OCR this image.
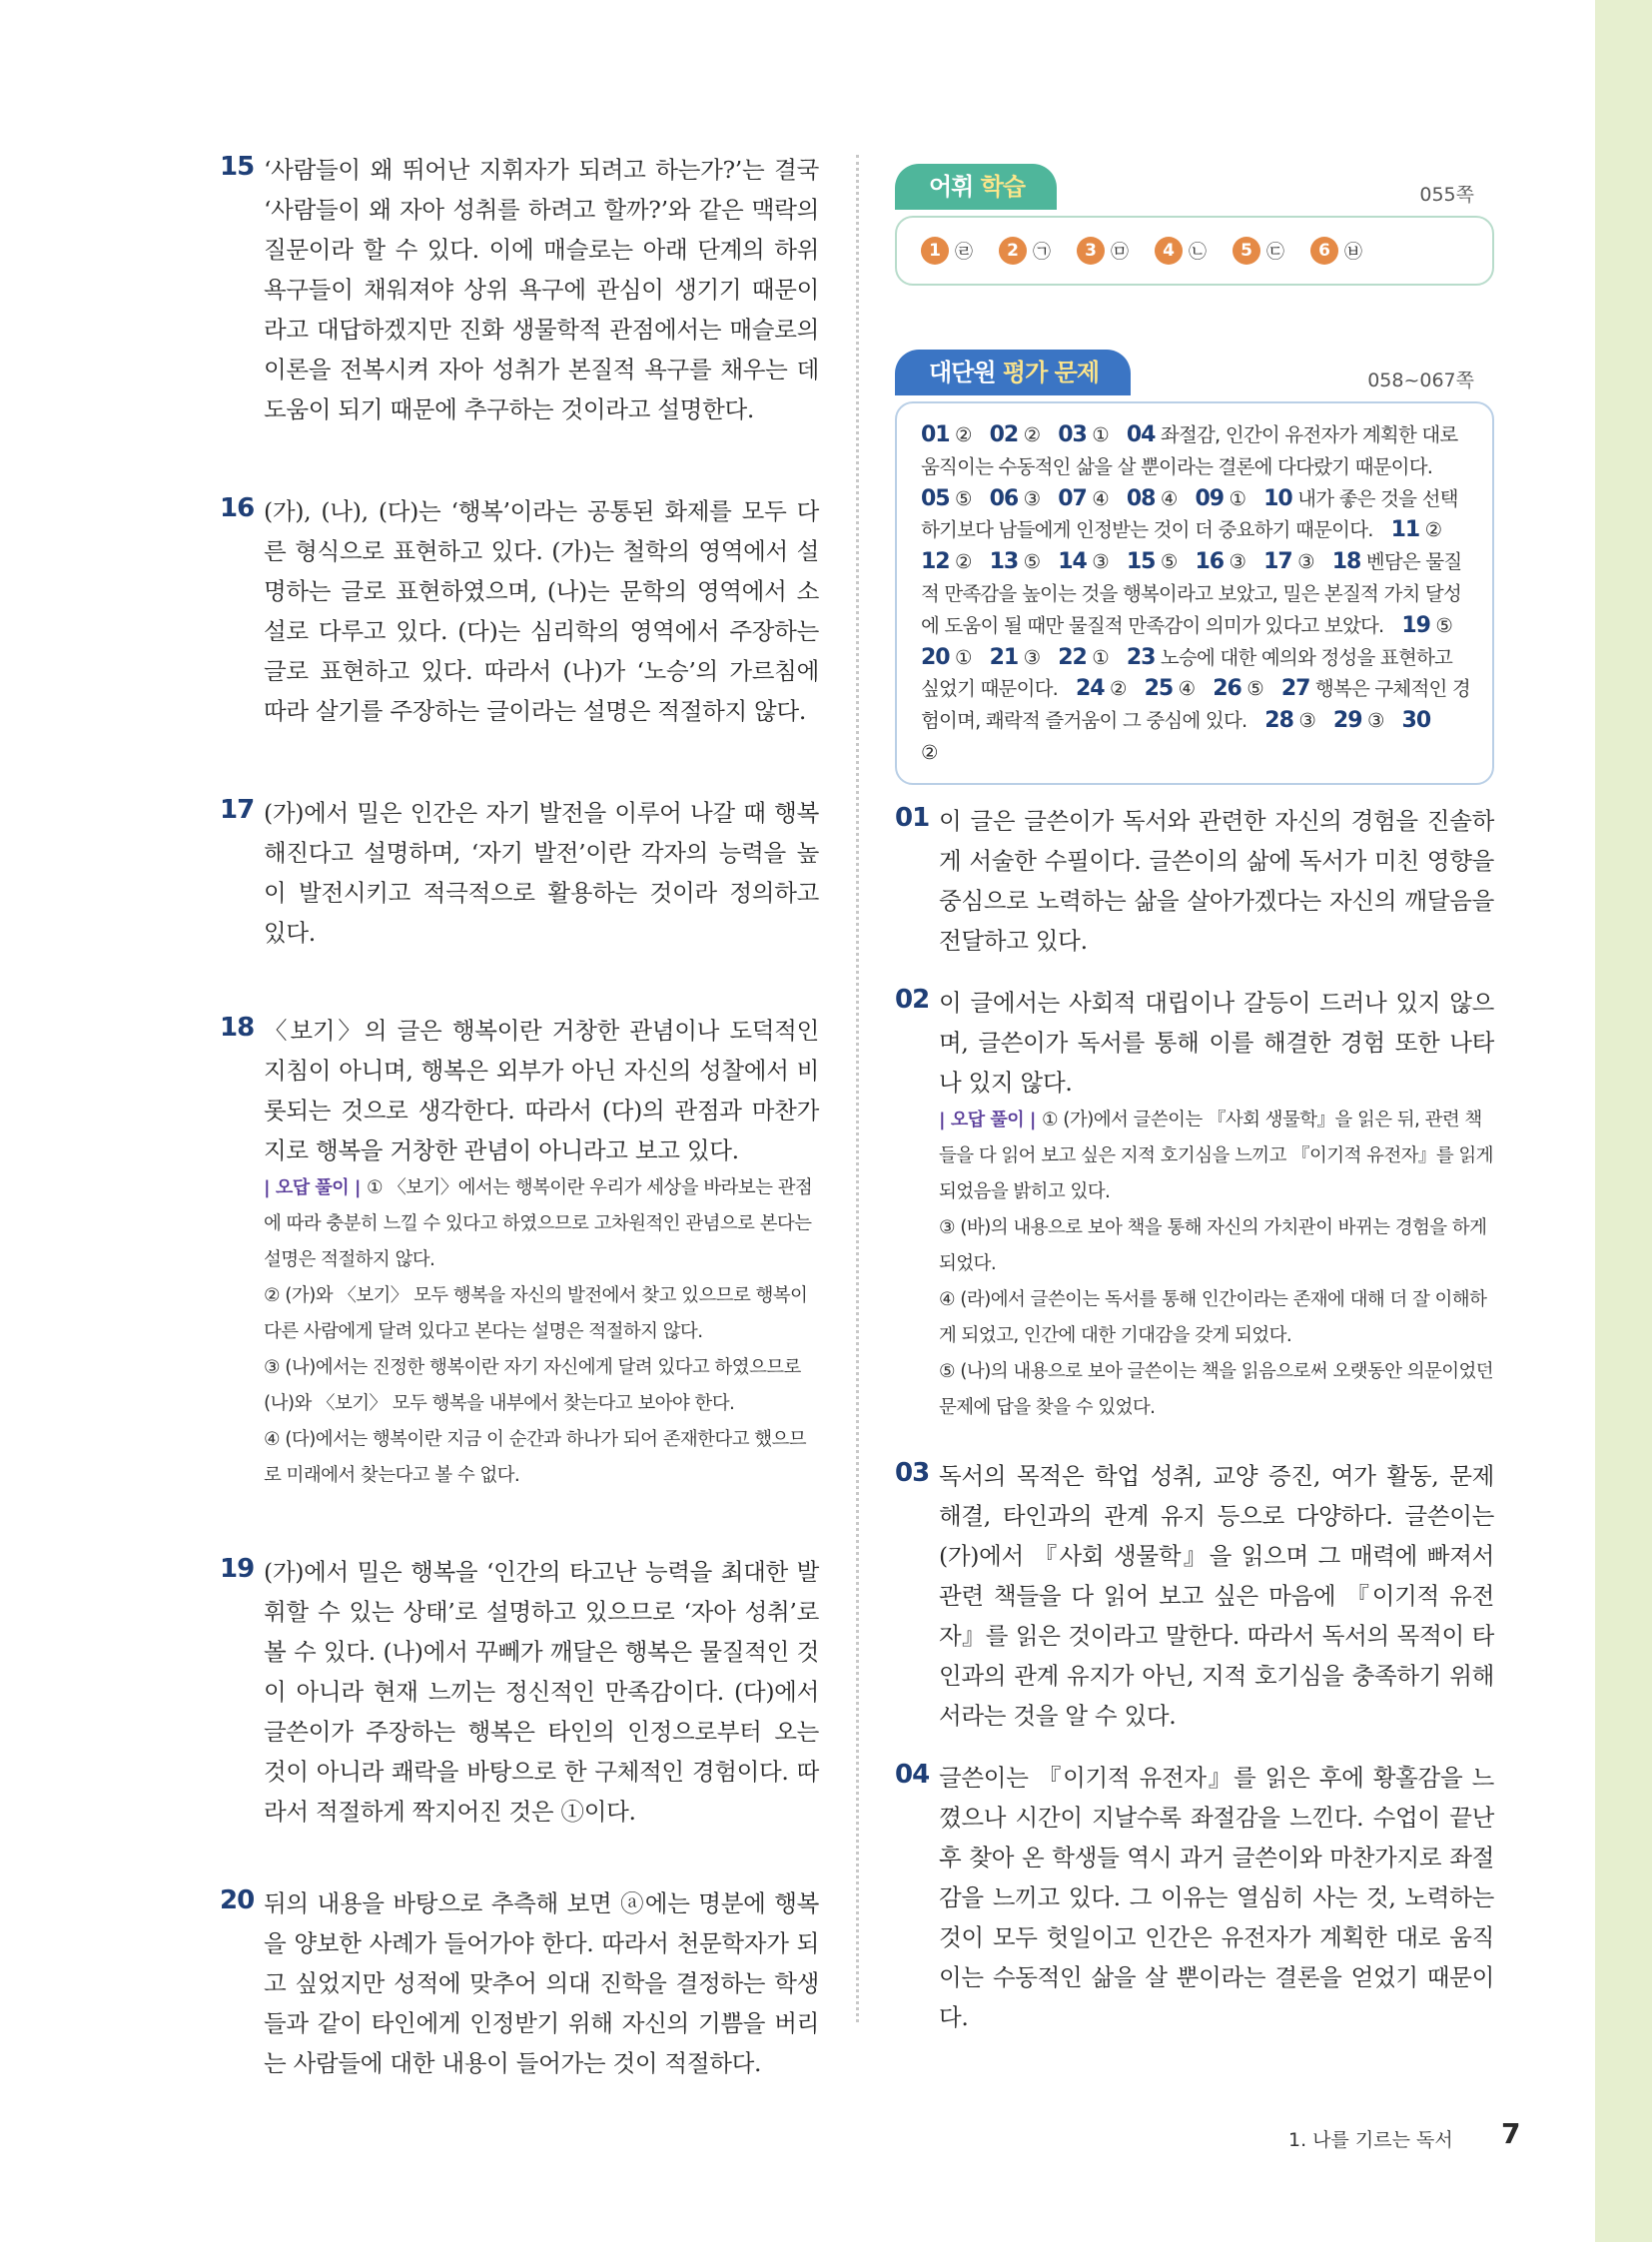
15 ‘사람들이 왜 뛰어난 지휘자가 되려고 하는가?’는 결국 ‘사람들이 왜 자아 성취를 하려고 할까?’와 같은 맥락의 질문이라 할 수 있다. 이에 매슬로는 아래 단계의 하위 욕구들이 채워져야 상위 욕구에 관심이 생기기 때문이라고 대답하겠지만 진화 생물학적 관점에서는 매슬로의 이론을 전복시켜 자아 성취가 본질적 욕구를 채우는 데 도움이 되기 때문에 추구하는 것이라고 설명한다.
16 (가), (나), (다)는 ‘행복’이라는 공통된 화제를 모두 다른 형식으로 표현하고 있다. (가)는 철학의 영역에서 설명하는 글로 표현하였으며, (나)는 문학의 영역에서 소설로 다루고 있다. (다)는 심리학의 영역에서 주장하는 글로 표현하고 있다. 따라서 (나)가 ‘노승’의 가르침에 따라 살기를 주장하는 글이라는 설명은 적절하지 않다.
17 (가)에서 밀은 인간은 자기 발전을 이루어 나갈 때 행복해진다고 설명하며, ‘자기 발전’이란 각자의 능력을 높이 발전시키고 적극적으로 활용하는 것이라 정의하고 있다.
18 〈보기〉의 글은 행복이란 거창한 관념이나 도덕적인 지침이 아니며, 행복은 외부가 아닌 자신의 성찰에서 비롯되는 것으로 생각한다. 따라서 (다)의 관점과 마찬가지로 행복을 거창한 관념이 아니라고 보고 있다.
| 오답 풀이 | ① 〈보기〉에서는 행복이란 우리가 세상을 바라보는 관점에 따라 충분히 느낄 수 있다고 하였으므로 고차원적인 관념으로 본다는 설명은 적절하지 않다.
② (가)와 〈보기〉 모두 행복을 자신의 발전에서 찾고 있으므로 행복이 다른 사람에게 달려 있다고 본다는 설명은 적절하지 않다.
③ (나)에서는 진정한 행복이란 자기 자신에게 달려 있다고 하였으므로 (나)와 〈보기〉 모두 행복을 내부에서 찾는다고 보아야 한다.
④ (다)에서는 행복이란 지금 이 순간과 하나가 되어 존재한다고 했으므로 미래에서 찾는다고 볼 수 없다.
19 (가)에서 밀은 행복을 ‘인간의 타고난 능력을 최대한 발휘할 수 있는 상태’로 설명하고 있으므로 ‘자아 성취’로 볼 수 있다. (나)에서 꾸뻬가 깨달은 행복은 물질적인 것이 아니라 현재 느끼는 정신적인 만족감이다. (다)에서 글쓴이가 주장하는 행복은 타인의 인정으로부터 오는 것이 아니라 쾌락을 바탕으로 한 구체적인 경험이다. 따라서 적절하게 짝지어진 것은 ①이다.
20 뒤의 내용을 바탕으로 추측해 보면 ⓐ에는 명분에 행복을 양보한 사례가 들어가야 한다. 따라서 천문학자가 되고 싶었지만 성적에 맞추어 의대 진학을 결정하는 학생들과 같이 타인에게 인정받기 위해 자신의 기쁨을 버리는 사람들에 대한 내용이 들어가는 것이 적절하다.
어휘 학습	055쪽
1 ㉣	2 ㉠	3 ㉤	4 ㉡	5 ㉢	6 ㉥
대단원 평가 문제	058~067쪽
01 ②   02 ②   03 ①   04 좌절감, 인간이 유전자가 계획한 대로 움직이는 수동적인 삶을 살 뿐이라는 결론에 다다랐기 때문이다.  05 ⑤   06 ③   07 ④   08 ④   09 ①   10 내가 좋은 것을 선택하기보다 남들에게 인정받는 것이 더 중요하기 때문이다.   11 ②  12 ②   13 ⑤   14 ③   15 ⑤   16 ③   17 ③   18 벤담은 물질적 만족감을 높이는 것을 행복이라고 보았고, 밀은 본질적 가치 달성에 도움이 될 때만 물질적 만족감이 의미가 있다고 보았다.   19 ⑤  20 ①   21 ③   22 ①   23 노승에 대한 예의와 정성을 표현하고 싶었기 때문이다.   24 ②   25 ④   26 ⑤   27 행복은 구체적인 경험이며, 쾌락적 즐거움이 그 중심에 있다.   28 ③   29 ③   30 ②  
01 이 글은 글쓴이가 독서와 관련한 자신의 경험을 진솔하게 서술한 수필이다. 글쓴이의 삶에 독서가 미친 영향을 중심으로 노력하는 삶을 살아가겠다는 자신의 깨달음을 전달하고 있다.
02 이 글에서는 사회적 대립이나 갈등이 드러나 있지 않으며, 글쓴이가 독서를 통해 이를 해결한 경험 또한 나타나 있지 않다.
| 오답 풀이 | ① (가)에서 글쓴이는 『사회 생물학』을 읽은 뒤, 관련 책들을 다 읽어 보고 싶은 지적 호기심을 느끼고 『이기적 유전자』를 읽게 되었음을 밝히고 있다.
③ (바)의 내용으로 보아 책을 통해 자신의 가치관이 바뀌는 경험을 하게 되었다.
④ (라)에서 글쓴이는 독서를 통해 인간이라는 존재에 대해 더 잘 이해하게 되었고, 인간에 대한 기대감을 갖게 되었다.
⑤ (나)의 내용으로 보아 글쓴이는 책을 읽음으로써 오랫동안 의문이었던 문제에 답을 찾을 수 있었다.
03 독서의 목적은 학업 성취, 교양 증진, 여가 활동, 문제 해결, 타인과의 관계 유지 등으로 다양하다. 글쓴이는 (가)에서 『사회 생물학』을 읽으며 그 매력에 빠져서 관련 책들을 다 읽어 보고 싶은 마음에 『이기적 유전자』를 읽은 것이라고 말한다. 따라서 독서의 목적이 타인과의 관계 유지가 아닌, 지적 호기심을 충족하기 위해서라는 것을 알 수 있다.
04 글쓴이는 『이기적 유전자』를 읽은 후에 황홀감을 느꼈으나 시간이 지날수록 좌절감을 느낀다. 수업이 끝난 후 찾아 온 학생들 역시 과거 글쓴이와 마찬가지로 좌절감을 느끼고 있다. 그 이유는 열심히 사는 것, 노력하는 것이 모두 헛일이고 인간은 유전자가 계획한 대로 움직이는 수동적인 삶을 살 뿐이라는 결론을 얻었기 때문이다.
1. 나를 기르는 독서 7
